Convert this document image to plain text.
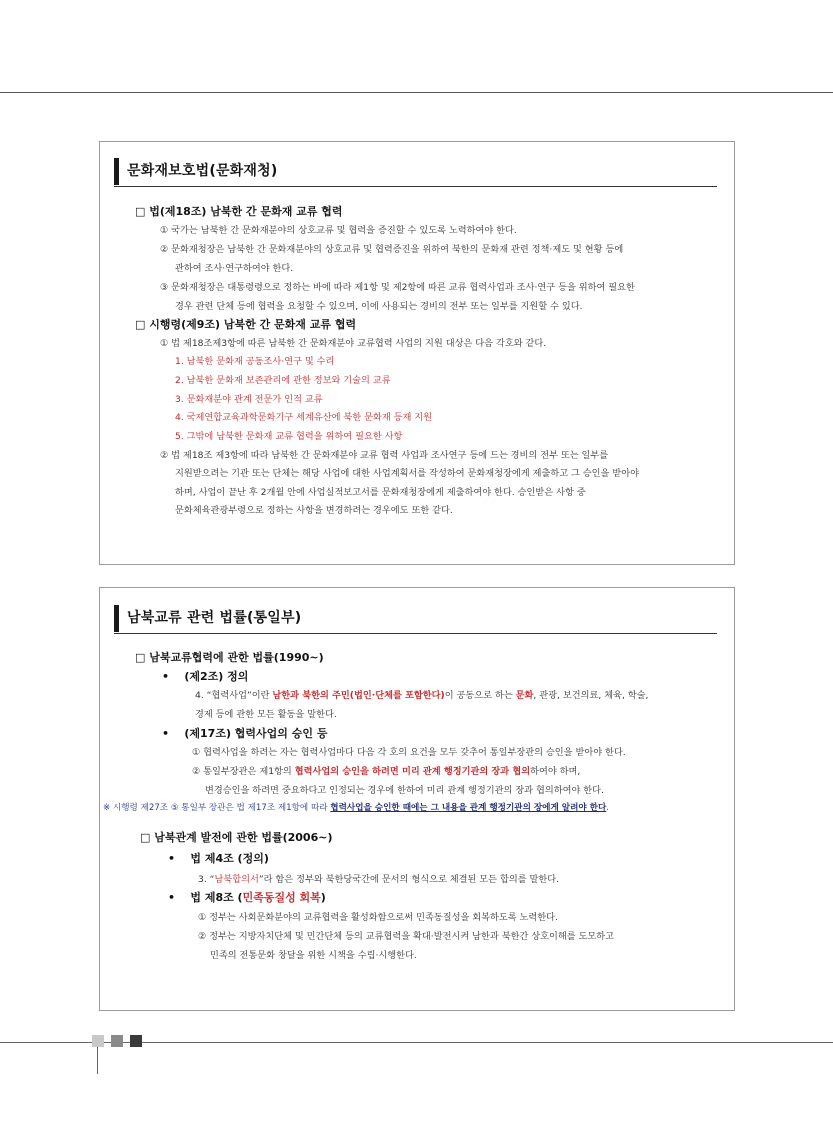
문화재보호법(문화재청)
□ 법(제18조) 남북한 간 문화재 교류 협력
① 국가는 남북한 간 문화재분야의 상호교류 및 협력을 증진할 수 있도록 노력하여야 한다.
② 문화재청장은 남북한 간 문화재분야의 상호교류 및 협력증진을 위하여 북한의 문화재 관련 정책·제도 및 현황 등에
관하여 조사·연구하여야 한다.
③ 문화재청장은 대통령령으로 정하는 바에 따라 제1항 및 제2항에 따른 교류 협력사업과 조사·연구 등을 위하여 필요한
경우 관련 단체 등에 협력을 요청할 수 있으며, 이에 사용되는 경비의 전부 또는 일부를 지원할 수 있다.
□ 시행령(제9조) 남북한 간 문화재 교류 협력
① 법 제18조제3항에 따른 남북한 간 문화재분야 교류협력 사업의 지원 대상은 다음 각호와 같다.
1. 남북한 문화재 공동조사·연구 및 수리
2. 남북한 문화재 보존관리에 관한 정보와 기술의 교류
3. 문화재분야 관계 전문가 인적 교류
4. 국제연합교육과학문화기구 세계유산에 북한 문화재 등재 지원
5. 그밖에 남북한 문화재 교류 협력을 위하여 필요한 사항
② 법 제18조 제3항에 따라 남북한 간 문화재분야 교류 협력 사업과 조사연구 등에 드는 경비의 전부 또는 일부를
지원받으려는 기관 또는 단체는 해당 사업에 대한 사업계획서를 작성하여 문화재청장에게 제출하고 그 승인을 받아야
하며, 사업이 끝난 후 2개월 안에 사업실적보고서를 문화재청장에게 제출하여야 한다. 승인받은 사항 중
문화체육관광부령으로 정하는 사항을 변경하려는 경우에도 또한 같다.
남북교류 관련 법률(통일부)
□ 남북교류협력에 관한 법률(1990~)
• (제2조) 정의
4. “협력사업”이란 남한과 북한의 주민(법인·단체를 포함한다)이 공동으로 하는 문화, 관광, 보건의료, 체육, 학술,
경제 등에 관한 모든 활동을 말한다.
• (제17조) 협력사업의 승인 등
① 협력사업을 하려는 자는 협력사업마다 다음 각 호의 요건을 모두 갖추어 통일부장관의 승인을 받아야 한다.
② 통일부장관은 제1항의 협력사업의 승인을 하려면 미리 관계 행정기관의 장과 협의하여야 하며,
변경승인을 하려면 중요하다고 인정되는 경우에 한하여 미리 관계 행정기관의 장과 협의하여야 한다.
※ 시행령 제27조 ⑤ 통일부 장관은 법 제17조 제1항에 따라 협력사업을 승인한 때에는 그 내용을 관계 행정기관의 장에게 알려야 한다.
□ 남북관계 발전에 관한 법률(2006~)
• 법 제4조 (정의)
3. “남북합의서”라 함은 정부와 북한당국간에 문서의 형식으로 체결된 모든 합의를 말한다.
• 법 제8조 (민족동질성 회복)
① 정부는 사회문화분야의 교류협력을 활성화함으로써 민족동질성을 회복하도록 노력한다.
② 정부는 지방자치단체 및 민간단체 등의 교류협력을 확대·발전시켜 남한과 북한간 상호이해를 도모하고
민족의 전통문화 창달을 위한 시책을 수립·시행한다.
